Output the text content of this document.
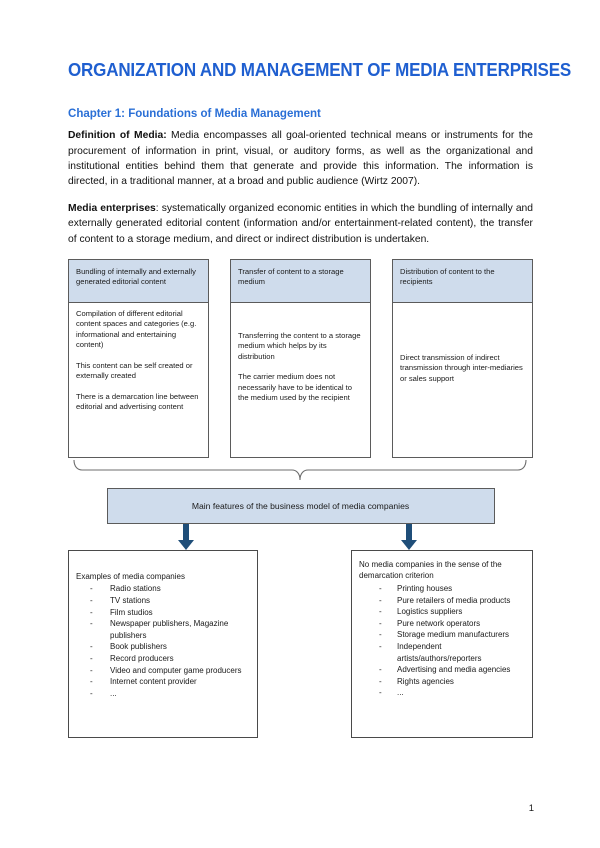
ORGANIZATION AND MANAGEMENT OF MEDIA ENTERPRISES
Chapter 1: Foundations of Media Management

Definition of Media: Media encompasses all goal-oriented technical means or instruments for the procurement of information in print, visual, or auditory forms, as well as the organizational and institutional entities behind them that generate and provide this information. The information is directed, in a traditional manner, at a broad and public audience (Wirtz 2007).

Media enterprises: systematically organized economic entities in which the bundling of internally and externally generated editorial content (information and/or entertainment-related content), the transfer of content to a storage medium, and direct or indirect distribution is undertaken.

Bundling of internally and externally generated editorial content

Compilation of different editorial content spaces and categories (e.g. informational and entertaining content)

This content can be self created or externally created

There is a demarcation line between editorial and advertising content

Transfer of content to a storage medium

Transferring the content to a storage medium which helps by its distribution

The carrier medium does not necessarily have to be identical to the medium used by the recipient

Distribution of content to the recipients

Direct transmission of indirect transmission through inter-mediaries or sales support

Main features of the business model of media companies

Examples of media companies

-	Radio stations
-	TV stations
-	Film studios
-	Newspaper publishers, Magazine publishers
-	Book publishers
-	Record producers
-	Video and computer game producers
-	Internet content provider
-	...

No media companies in the sense of the demarcation criterion

-	Printing houses
-	Pure retailers of media products
-	Logistics suppliers
-	Pure network operators
-	Storage medium manufacturers
-	Independent artists/authors/reporters
-	Advertising and media agencies
-	Rights agencies
-	...
1
